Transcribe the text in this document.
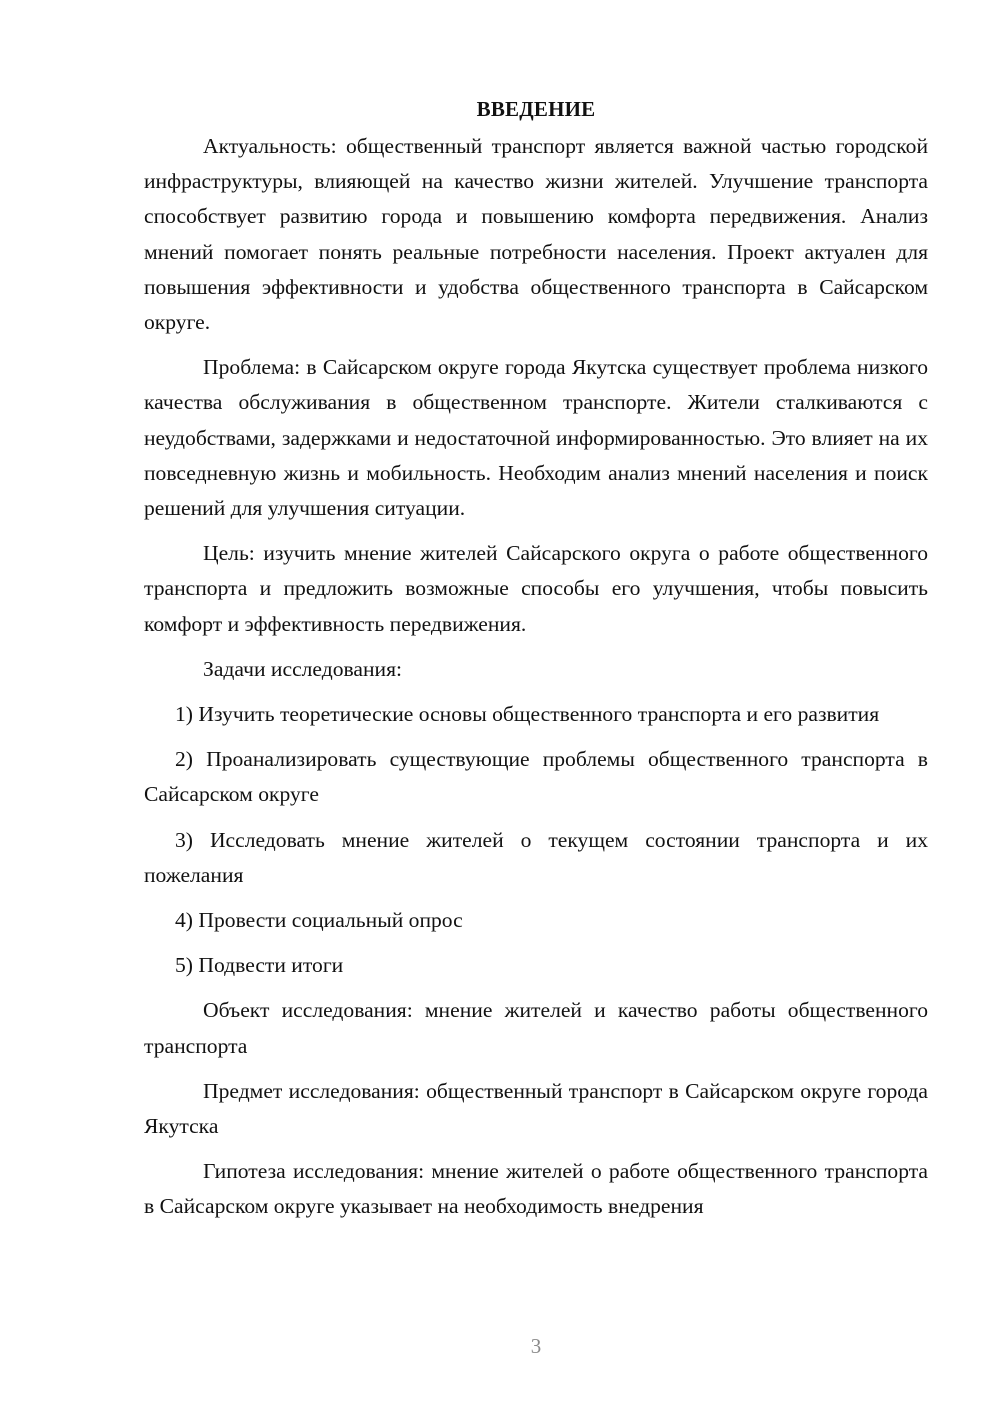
ВВЕДЕНИЕ

Актуальность: общественный транспорт является важной частью городской инфраструктуры, влияющей на качество жизни жителей. Улучшение транспорта способствует развитию города и повышению комфорта передвижения. Анализ мнений помогает понять реальные потребности населения. Проект актуален для повышения эффективности и удобства общественного транспорта в Сайсарском округе.

Проблема: в Сайсарском округе города Якутска существует проблема низкого качества обслуживания в общественном транспорте. Жители сталкиваются с неудобствами, задержками и недостаточной информированностью. Это влияет на их повседневную жизнь и мобильность. Необходим анализ мнений населения и поиск решений для улучшения ситуации.

Цель: изучить мнение жителей Сайсарского округа о работе общественного транспорта и предложить возможные способы его улучшения, чтобы повысить комфорт и эффективность передвижения.

Задачи исследования:

1) Изучить теоретические основы общественного транспорта и его развития

2) Проанализировать существующие проблемы общественного транспорта в Сайсарском округе

3) Исследовать мнение жителей о текущем состоянии транспорта и их пожелания

4) Провести социальный опрос

5) Подвести итоги

Объект исследования: мнение жителей и качество работы общественного транспорта

Предмет исследования: общественный транспорт в Сайсарском округе города Якутска

Гипотеза исследования: мнение жителей о работе общественного транспорта в Сайсарском округе указывает на необходимость внедрения

3
